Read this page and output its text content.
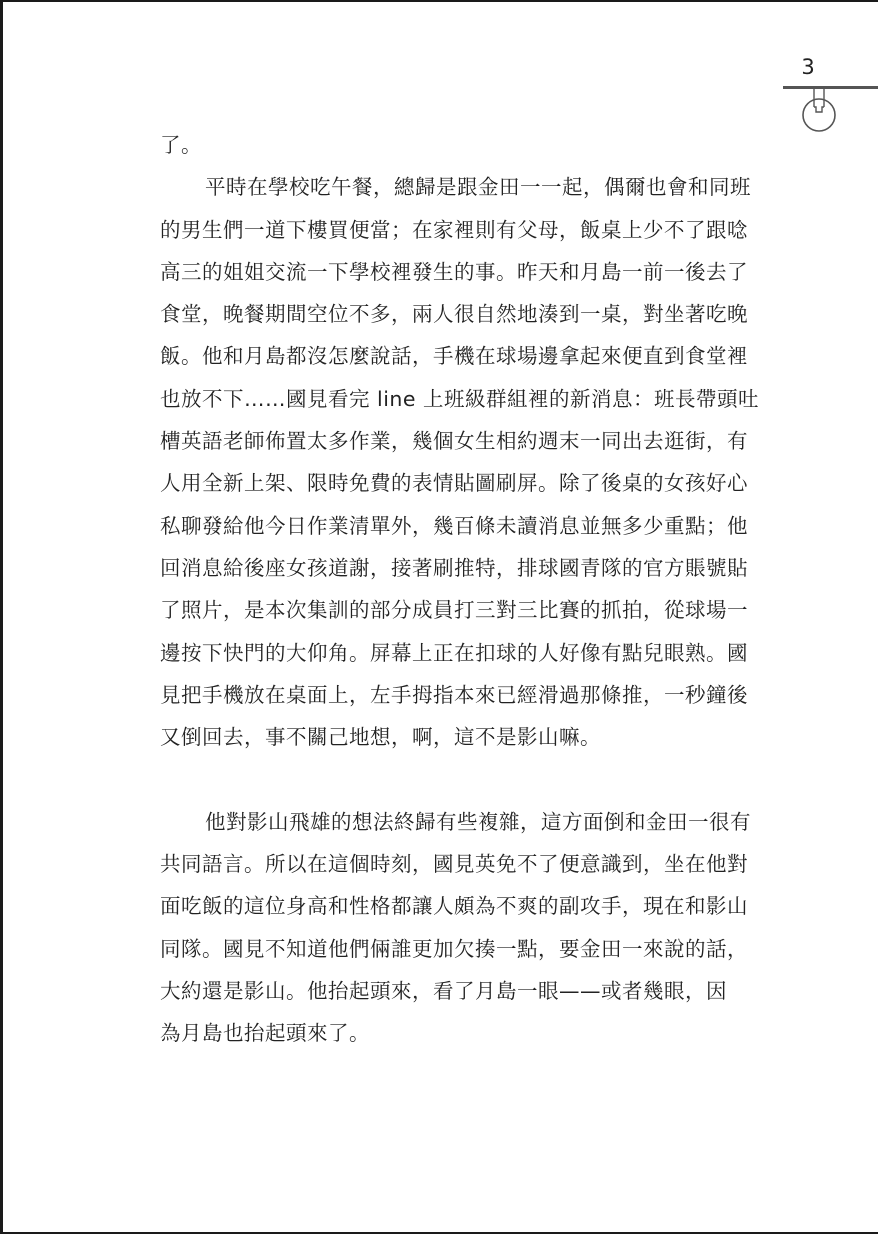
3
了。
平時在學校吃午餐，總歸是跟金田一一起，偶爾也會和同班
的男生們一道下樓買便當；在家裡則有父母，飯桌上少不了跟唸
高三的姐姐交流一下學校裡發生的事。昨天和月島一前一後去了
食堂，晚餐期間空位不多，兩人很自然地湊到一桌，對坐著吃晚
飯。他和月島都沒怎麼說話，手機在球場邊拿起來便直到食堂裡
也放不下……國見看完 line 上班級群組裡的新消息：班長帶頭吐
槽英語老師佈置太多作業，幾個女生相約週末一同出去逛街，有
人用全新上架、限時免費的表情貼圖刷屏。除了後桌的女孩好心
私聊發給他今日作業清單外，幾百條未讀消息並無多少重點；他
回消息給後座女孩道謝，接著刷推特，排球國青隊的官方賬號貼
了照片，是本次集訓的部分成員打三對三比賽的抓拍，從球場一
邊按下快門的大仰角。屏幕上正在扣球的人好像有點兒眼熟。國
見把手機放在桌面上，左手拇指本來已經滑過那條推，一秒鐘後
又倒回去，事不關己地想，啊，這不是影山嘛。
他對影山飛雄的想法終歸有些複雜，這方面倒和金田一很有
共同語言。所以在這個時刻，國見英免不了便意識到，坐在他對
面吃飯的這位身高和性格都讓人頗為不爽的副攻手，現在和影山
同隊。國見不知道他們倆誰更加欠揍一點，要金田一來說的話，
大約還是影山。他抬起頭來，看了月島一眼——或者幾眼，因
為月島也抬起頭來了。
